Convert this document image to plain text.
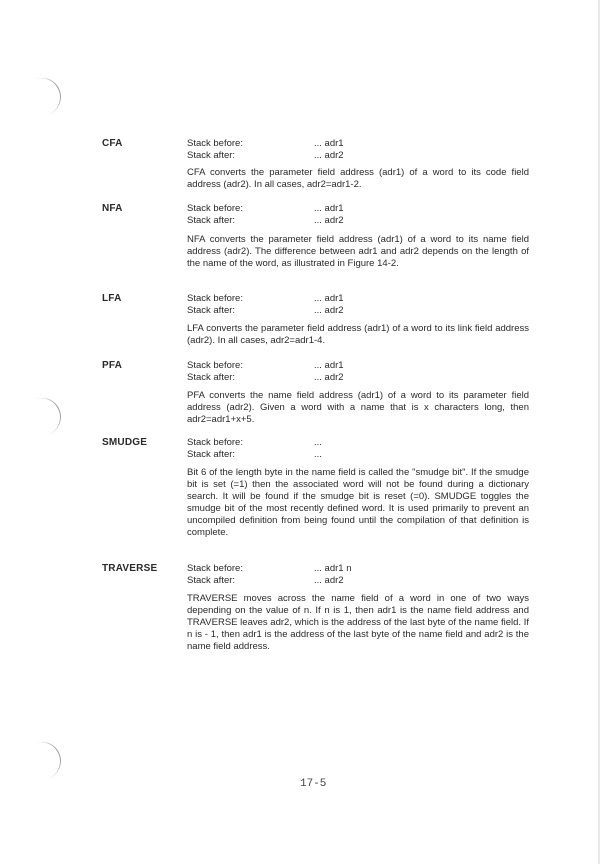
CFA	Stack before:	... adr1
Stack after:	... adr2
CFA converts the parameter field address (adr1) of a word to its code field address (adr2). In all cases, adr2=adr1-2.
NFA	Stack before:	... adr1
Stack after:	... adr2
NFA converts the parameter field address (adr1) of a word to its name field address (adr2). The difference between adr1 and adr2 depends on the length of the name of the word, as illustrated in Figure 14-2.
LFA	Stack before:	... adr1
Stack after:	... adr2
LFA converts the parameter field address (adr1) of a word to its link field address (adr2). In all cases, adr2=adr1-4.
PFA	Stack before:	... adr1
Stack after:	... adr2
PFA converts the name field address (adr1) of a word to its parameter field address (adr2). Given a word with a name that is x characters long, then adr2=adr1+x+5.
SMUDGE	Stack before:	...
Stack after:	...
Bit 6 of the length byte in the name field is called the "smudge bit". If the smudge bit is set (=1) then the associated word will not be found during a dictionary search. It will be found if the smudge bit is reset (=0). SMUDGE toggles the smudge bit of the most recently defined word. It is used primarily to prevent an uncompiled definition from being found until the compilation of that definition is complete.
TRAVERSE	Stack before:	... adr1 n
Stack after:	... adr2
TRAVERSE moves across the name field of a word in one of two ways depending on the value of n. If n is 1, then adr1 is the name field address and TRAVERSE leaves adr2, which is the address of the last byte of the name field. If n is - 1, then adr1 is the address of the last byte of the name field and adr2 is the name field address.
17-5
